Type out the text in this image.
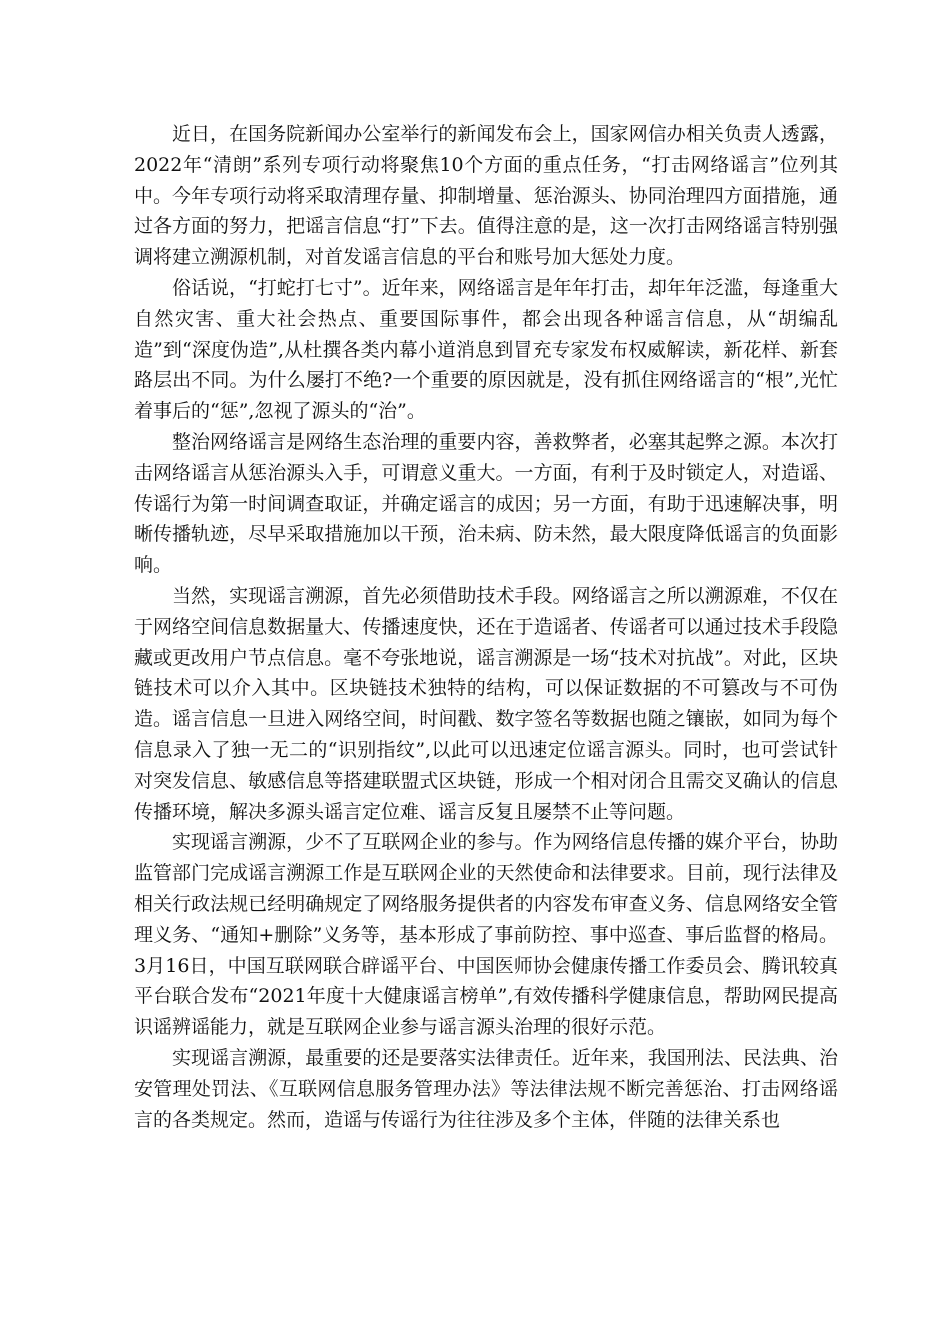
近日，在国务院新闻办公室举行的新闻发布会上，国家网信办相关负责人透露，2022年“清朗”系列专项行动将聚焦10个方面的重点任务，“打击网络谣言”位列其中。今年专项行动将采取清理存量、抑制增量、惩治源头、协同治理四方面措施，通过各方面的努力，把谣言信息“打”下去。值得注意的是，这一次打击网络谣言特别强调将建立溯源机制，对首发谣言信息的平台和账号加大惩处力度。

俗话说，“打蛇打七寸”。近年来，网络谣言是年年打击，却年年泛滥，每逢重大自然灾害、重大社会热点、重要国际事件，都会出现各种谣言信息，从“胡编乱造”到“深度伪造”,从杜撰各类内幕小道消息到冒充专家发布权威解读，新花样、新套路层出不同。为什么屡打不绝?一个重要的原因就是，没有抓住网络谣言的“根”,光忙着事后的“惩”,忽视了源头的“治”。

整治网络谣言是网络生态治理的重要内容，善救弊者，必塞其起弊之源。本次打击网络谣言从惩治源头入手，可谓意义重大。一方面，有利于及时锁定人，对造谣、传谣行为第一时间调查取证，并确定谣言的成因；另一方面，有助于迅速解决事，明晰传播轨迹，尽早采取措施加以干预，治未病、防未然，最大限度降低谣言的负面影响。

当然，实现谣言溯源，首先必须借助技术手段。网络谣言之所以溯源难，不仅在于网络空间信息数据量大、传播速度快，还在于造谣者、传谣者可以通过技术手段隐藏或更改用户节点信息。毫不夸张地说，谣言溯源是一场“技术对抗战”。对此，区块链技术可以介入其中。区块链技术独特的结构，可以保证数据的不可篡改与不可伪造。谣言信息一旦进入网络空间，时间戳、数字签名等数据也随之镶嵌，如同为每个信息录入了独一无二的“识别指纹”,以此可以迅速定位谣言源头。同时，也可尝试针对突发信息、敏感信息等搭建联盟式区块链，形成一个相对闭合且需交叉确认的信息传播环境，解决多源头谣言定位难、谣言反复且屡禁不止等问题。

实现谣言溯源，少不了互联网企业的参与。作为网络信息传播的媒介平台，协助监管部门完成谣言溯源工作是互联网企业的天然使命和法律要求。目前，现行法律及相关行政法规已经明确规定了网络服务提供者的内容发布审查义务、信息网络安全管理义务、“通知+删除”义务等，基本形成了事前防控、事中巡查、事后监督的格局。3月16日，中国互联网联合辟谣平台、中国医师协会健康传播工作委员会、腾讯较真平台联合发布“2021年度十大健康谣言榜单”,有效传播科学健康信息，帮助网民提高识谣辨谣能力，就是互联网企业参与谣言源头治理的很好示范。

实现谣言溯源，最重要的还是要落实法律责任。近年来，我国刑法、民法典、治安管理处罚法、《互联网信息服务管理办法》等法律法规不断完善惩治、打击网络谣言的各类规定。然而，造谣与传谣行为往往涉及多个主体，伴随的法律关系也
